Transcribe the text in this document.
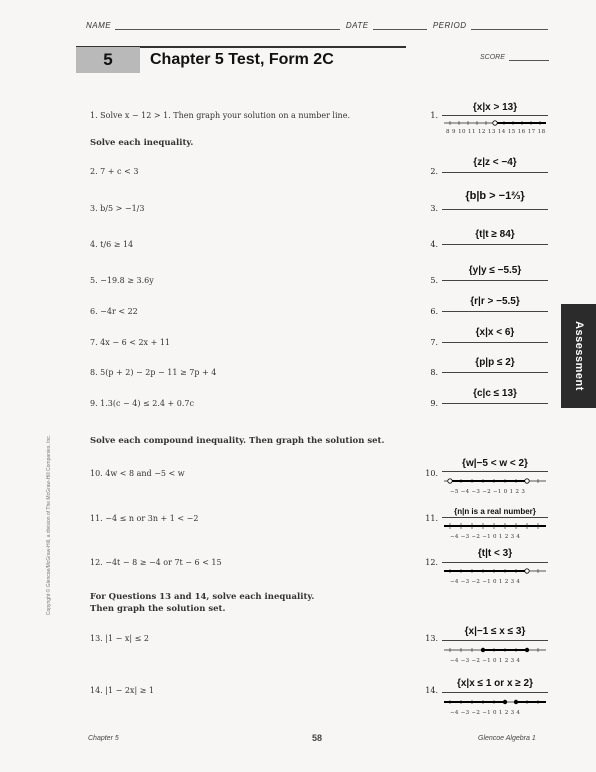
NAME	DATE	PERIOD
5	Chapter 5 Test, Form 2C	SCORE
1. Solve x − 12 > 1. Then graph your solution on a number line.	1.
{x|x > 13}
8 9 10 11 12 13 14 15 16 17 18
Solve each inequality.
2. 7 + c < 3	2.
{z|z < −4}
3. b/5 > −1/3	3.
{b|b > −1⅔}
4. t/6 ≥ 14	4.
{t|t ≥ 84}
5. −19.8 ≥ 3.6y	5.
{y|y ≤ −5.5}
6. −4r < 22	6.
{r|r > −5.5}
7. 4x − 6 < 2x + 11	7.
{x|x < 6}
8. 5(p + 2) − 2p − 11 ≥ 7p + 4	8.
{p|p ≤ 2}
9. 1.3(c − 4) ≤ 2.4 + 0.7c	9.
{c|c ≤ 13}
Solve each compound inequality. Then graph the solution set.
10. 4w < 8 and −5 < w	10.
{w|−5 < w < 2}
−5 −4 −3 −2 −1 0 1 2 3
11. −4 ≤ n or 3n + 1 < −2	11.
{n|n is a real number}
−4 −3 −2 −1 0 1 2 3 4
12. −4t − 8 ≥ −4 or 7t − 6 < 15	12.
{t|t < 3}
−4 −3 −2 −1 0 1 2 3 4
For Questions 13 and 14, solve each inequality.
Then graph the solution set.
13. |1 − x| ≤ 2	13.
{x|−1 ≤ x ≤ 3}
−4 −3 −2 −1 0 1 2 3 4
14. |1 − 2x| ≥ 1	14.
{x|x ≤ 1 or x ≥ 2}
−4 −3 −2 −1 0 1 2 3 4
Assessment
Copyright © Glencoe/McGraw-Hill, a division of The McGraw-Hill Companies, Inc.
Chapter 5	58	Glencoe Algebra 1
